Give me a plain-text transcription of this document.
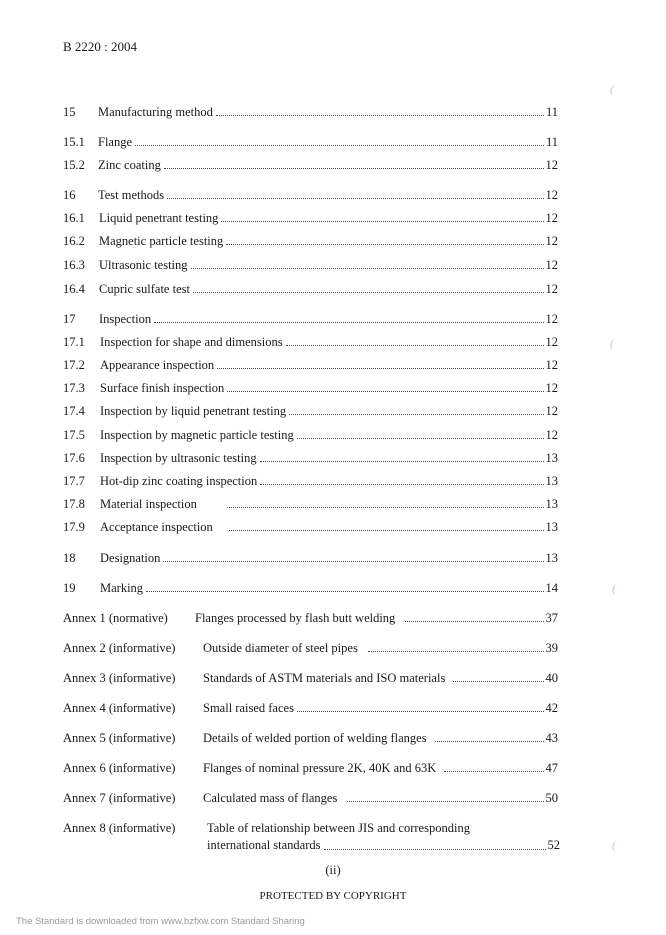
B 2220 : 2004
(
(
(
(
15	Manufacturing method	11
15.1	Flange	11
15.2	Zinc coating	12
16	Test methods	12
16.1	Liquid penetrant testing	12
16.2	Magnetic particle testing	12
16.3	Ultrasonic testing	12
16.4	Cupric sulfate test	12
17	Inspection	12
17.1	Inspection for shape and dimensions	12
17.2	Appearance inspection	12
17.3	Surface finish inspection	12
17.4	Inspection by liquid penetrant testing	12
17.5	Inspection by magnetic particle testing	12
17.6	Inspection by ultrasonic testing	13
17.7	Hot-dip zinc coating inspection	13
17.8	Material inspection	13
17.9	Acceptance inspection	13
18	Designation	13
19	Marking	14
Annex 1 (normative)	Flanges processed by flash butt welding	37
Annex 2 (informative)	Outside diameter of steel pipes	39
Annex 3 (informative)	Standards of ASTM materials and ISO materials	40
Annex 4 (informative)	Small raised faces	42
Annex 5 (informative)	Details of welded portion of welding flanges	43
Annex 6 (informative)	Flanges of nominal pressure 2K, 40K and 63K	47
Annex 7 (informative)	Calculated mass of flanges	50
Annex 8 (informative)	Table of relationship between JIS and corresponding
international standards	52
(ii)
PROTECTED BY COPYRIGHT
The Standard is downloaded from www.bzfxw.com Standard Sharing
